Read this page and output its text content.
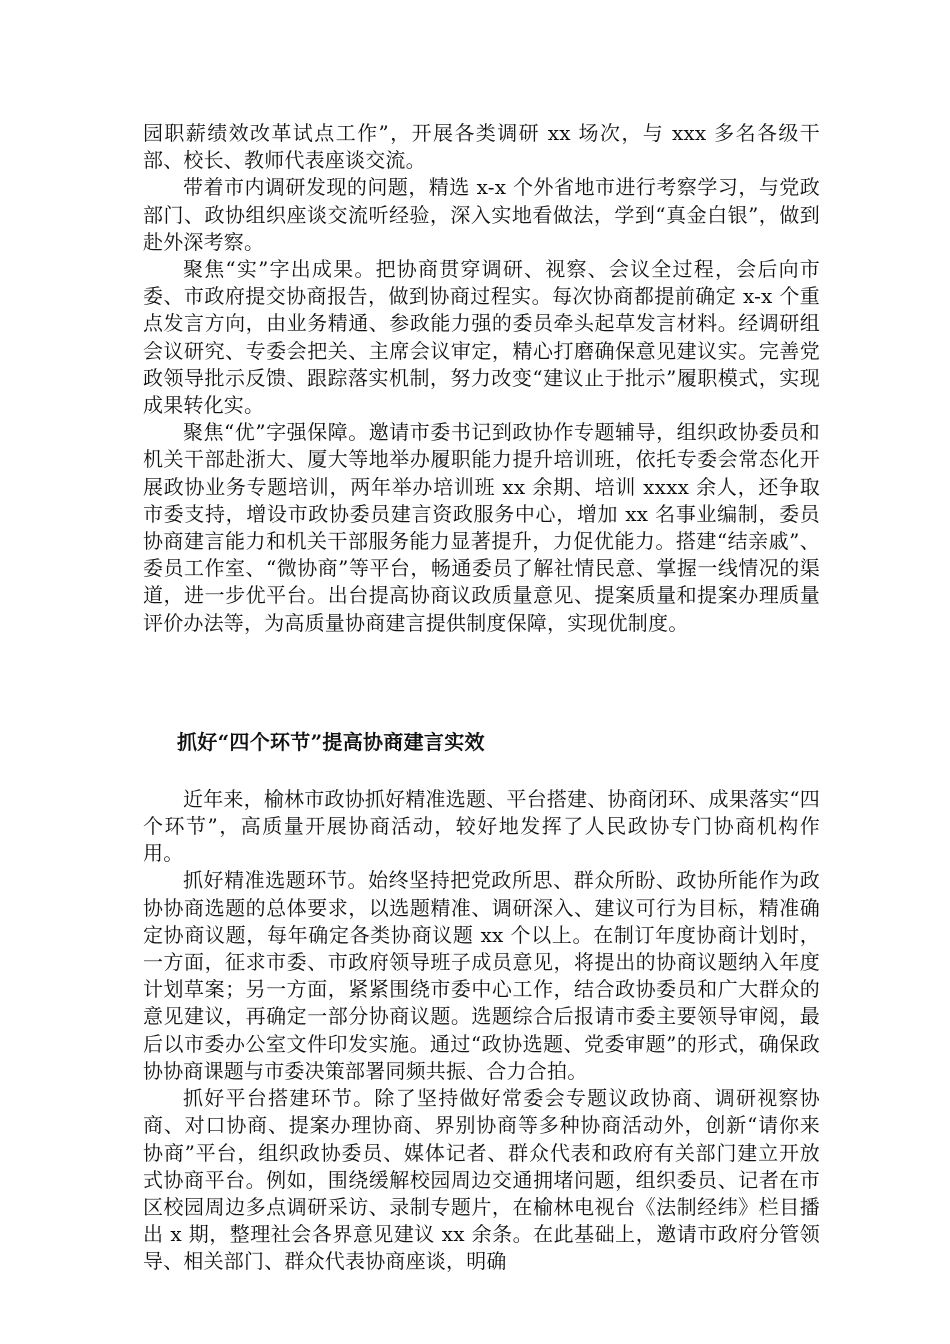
园职薪绩效改革试点工作”，开展各类调研 xx 场次，与 xxx 多名各级干部、校长、教师代表座谈交流。

带着市内调研发现的问题，精选 x-x 个外省地市进行考察学习，与党政部门、政协组织座谈交流听经验，深入实地看做法，学到“真金白银”，做到赴外深考察。

聚焦“实”字出成果。把协商贯穿调研、视察、会议全过程，会后向市委、市政府提交协商报告，做到协商过程实。每次协商都提前确定 x-x 个重点发言方向，由业务精通、参政能力强的委员牵头起草发言材料。经调研组会议研究、专委会把关、主席会议审定，精心打磨确保意见建议实。完善党政领导批示反馈、跟踪落实机制，努力改变“建议止于批示”履职模式，实现成果转化实。

聚焦“优”字强保障。邀请市委书记到政协作专题辅导，组织政协委员和机关干部赴浙大、厦大等地举办履职能力提升培训班，依托专委会常态化开展政协业务专题培训，两年举办培训班 xx 余期、培训 xxxx 余人，还争取市委支持，增设市政协委员建言资政服务中心，增加 xx 名事业编制，委员协商建言能力和机关干部服务能力显著提升，力促优能力。搭建“结亲戚”、委员工作室、“微协商”等平台，畅通委员了解社情民意、掌握一线情况的渠道，进一步优平台。出台提高协商议政质量意见、提案质量和提案办理质量评价办法等，为高质量协商建言提供制度保障，实现优制度。

抓好“四个环节”提高协商建言实效

近年来，榆林市政协抓好精准选题、平台搭建、协商闭环、成果落实“四个环节”，高质量开展协商活动，较好地发挥了人民政协专门协商机构作用。

抓好精准选题环节。始终坚持把党政所思、群众所盼、政协所能作为政协协商选题的总体要求，以选题精准、调研深入、建议可行为目标，精准确定协商议题，每年确定各类协商议题 xx 个以上。在制订年度协商计划时，一方面，征求市委、市政府领导班子成员意见，将提出的协商议题纳入年度计划草案；另一方面，紧紧围绕市委中心工作，结合政协委员和广大群众的意见建议，再确定一部分协商议题。选题综合后报请市委主要领导审阅，最后以市委办公室文件印发实施。通过“政协选题、党委审题”的形式，确保政协协商课题与市委决策部署同频共振、合力合拍。

抓好平台搭建环节。除了坚持做好常委会专题议政协商、调研视察协商、对口协商、提案办理协商、界别协商等多种协商活动外，创新“请你来协商”平台，组织政协委员、媒体记者、群众代表和政府有关部门建立开放式协商平台。例如，围绕缓解校园周边交通拥堵问题，组织委员、记者在市区校园周边多点调研采访、录制专题片，在榆林电视台《法制经纬》栏目播出 x 期，整理社会各界意见建议 xx 余条。在此基础上，邀请市政府分管领导、相关部门、群众代表协商座谈，明确
